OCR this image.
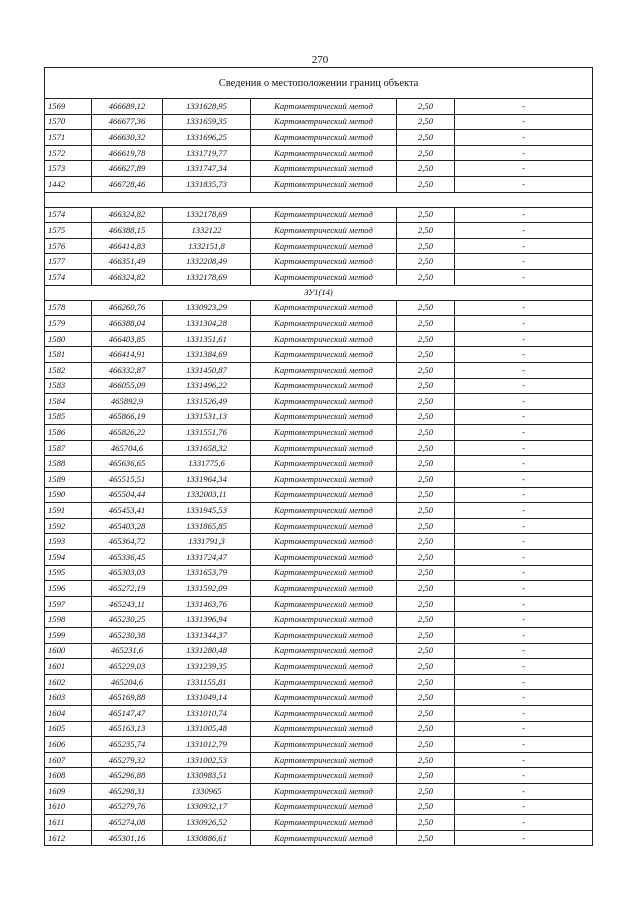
270
Сведения о местоположении границ объекта					
1569	466689,12	1331628,95	Картометрический метод	2,50	-
1570	466677,36	1331659,35	Картометрический метод	2,50	-
1571	466630,32	1331696,25	Картометрический метод	2,50	-
1572	466619,78	1331719,77	Картометрический метод	2,50	-
1573	466627,89	1331747,34	Картометрический метод	2,50	-
1442	466728,46	1331835,73	Картометрический метод	2,50	-

1574	466324,82	1332178,69	Картометрический метод	2,50	-
1575	466388,15	1332122	Картометрический метод	2,50	-
1576	466414,83	1332151,8	Картометрический метод	2,50	-
1577	466351,49	1332208,49	Картометрический метод	2,50	-
1574	466324,82	1332178,69	Картометрический метод	2,50	-
ЗУ1(14)					
1578	466260,76	1330923,29	Картометрический метод	2,50	-
1579	466388,04	1331304,28	Картометрический метод	2,50	-
1580	466403,85	1331351,61	Картометрический метод	2,50	-
1581	466414,91	1331384,69	Картометрический метод	2,50	-
1582	466332,87	1331450,87	Картометрический метод	2,50	-
1583	466055,09	1331496,22	Картометрический метод	2,50	-
1584	465892,9	1331526,49	Картометрический метод	2,50	-
1585	465866,19	1331531,13	Картометрический метод	2,50	-
1586	465826,22	1331551,76	Картометрический метод	2,50	-
1587	465704,6	1331658,32	Картометрический метод	2,50	-
1588	465636,65	1331775,6	Картометрический метод	2,50	-
1589	465515,51	1331964,34	Картометрический метод	2,50	-
1590	465504,44	1332003,11	Картометрический метод	2,50	-
1591	465453,41	1331945,53	Картометрический метод	2,50	-
1592	465403,28	1331865,85	Картометрический метод	2,50	-
1593	465364,72	1331791,3	Картометрический метод	2,50	-
1594	465336,45	1331724,47	Картометрический метод	2,50	-
1595	465303,03	1331653,79	Картометрический метод	2,50	-
1596	465272,19	1331592,09	Картометрический метод	2,50	-
1597	465243,11	1331463,76	Картометрический метод	2,50	-
1598	465230,25	1331396,94	Картометрический метод	2,50	-
1599	465230,38	1331344,37	Картометрический метод	2,50	-
1600	465231,6	1331280,48	Картометрический метод	2,50	-
1601	465229,03	1331239,35	Картометрический метод	2,50	-
1602	465204,6	1331155,81	Картометрический метод	2,50	-
1603	465169,88	1331049,14	Картометрический метод	2,50	-
1604	465147,47	1331010,74	Картометрический метод	2,50	-
1605	465163,13	1331005,48	Картометрический метод	2,50	-
1606	465235,74	1331012,79	Картометрический метод	2,50	-
1607	465279,32	1331002,53	Картометрический метод	2,50	-
1608	465296,88	1330983,51	Картометрический метод	2,50	-
1609	465298,31	1330965	Картометрический метод	2,50	-
1610	465279,76	1330932,17	Картометрический метод	2,50	-
1611	465274,08	1330926,52	Картометрический метод	2,50	-
1612	465301,16	1330886,61	Картометрический метод	2,50	-
